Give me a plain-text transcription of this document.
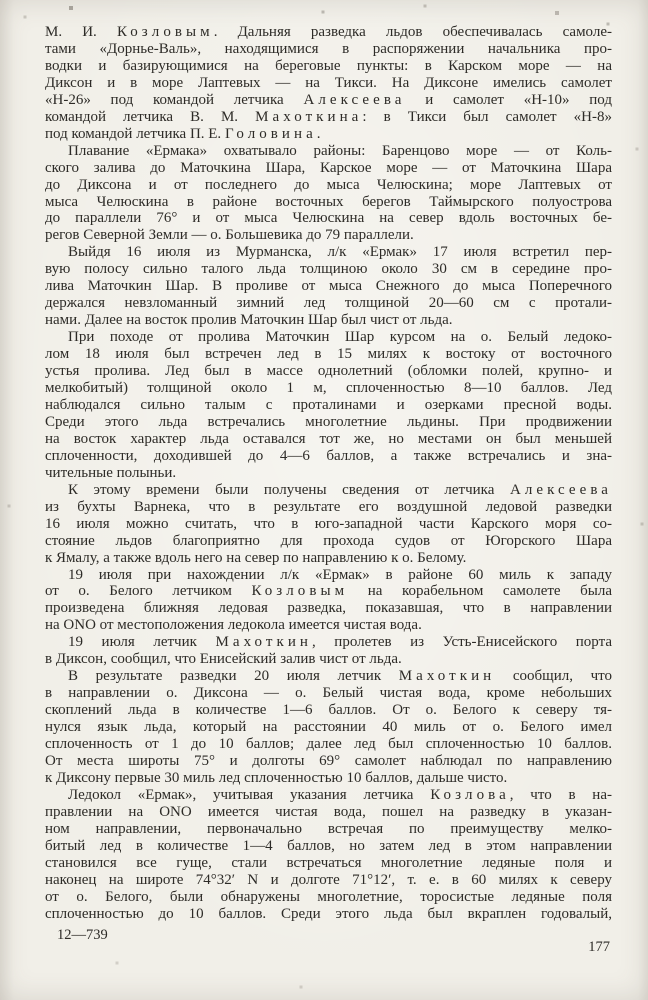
М. И. Козловым. Дальняя разведка льдов обеспечивалась самоле-
тами «Дорнье-Валь», находящимися в распоряжении начальника про-
водки и базирующимися на береговые пункты: в Карском море — на
Диксон и в море Лаптевых — на Тикси. На Диксоне имелись самолет
«Н-26» под командой летчика Алексеева и самолет «Н-10» под
командой летчика В. М. Махоткина: в Тикси был самолет «Н-8»
под командой летчика П. Е. Головина.
Плавание «Ермака» охватывало районы: Баренцово море — от Коль-
ского залива до Маточкина Шара, Карское море — от Маточкина Шара
до Диксона и от последнего до мыса Челюскина; море Лаптевых от
мыса Челюскина в районе восточных берегов Таймырского полуострова
до параллели 76° и от мыса Челюскина на север вдоль восточных бе-
регов Северной Земли — о. Большевика до 79 параллели.
Выйдя 16 июля из Мурманска, л/к «Ермак» 17 июля встретил пер-
вую полосу сильно талого льда толщиною около 30 см в середине про-
лива Маточкин Шар. В проливе от мыса Снежного до мыса Поперечного
держался невзломанный зимний лед толщиной 20—60 см с протали-
нами. Далее на восток пролив Маточкин Шар был чист от льда.
При походе от пролива Маточкин Шар курсом на о. Белый ледоко-
лом 18 июля был встречен лед в 15 милях к востоку от восточного
устья пролива. Лед был в массе однолетний (обломки полей, крупно- и
мелкобитый) толщиной около 1 м, сплоченностью 8—10 баллов. Лед
наблюдался сильно талым с проталинами и озерками пресной воды.
Среди этого льда встречались многолетние льдины. При продвижении
на восток характер льда оставался тот же, но местами он был меньшей
сплоченности, доходившей до 4—6 баллов, а также встречались и зна-
чительные полыньи.
К этому времени были получены сведения от летчика Алексеева
из бухты Варнека, что в результате его воздушной ледовой разведки
16 июля можно считать, что в юго-западной части Карского моря со-
стояние льдов благоприятно для прохода судов от Югорского Шара
к Ямалу, а также вдоль него на север по направлению к о. Белому.
19 июля при нахождении л/к «Ермак» в районе 60 миль к западу
от о. Белого летчиком Козловым на корабельном самолете была
произведена ближняя ледовая разведка, показавшая, что в направлении
на ONO от местоположения ледокола имеется чистая вода.
19 июля летчик Махоткин, пролетев из Усть-Енисейского порта
в Диксон, сообщил, что Енисейский залив чист от льда.
В результате разведки 20 июля летчик Махоткин сообщил, что
в направлении о. Диксона — о. Белый чистая вода, кроме небольших
скоплений льда в количестве 1—6 баллов. От о. Белого к северу тя-
нулся язык льда, который на расстоянии 40 миль от о. Белого имел
сплоченность от 1 до 10 баллов; далее лед был сплоченностью 10 баллов.
От места широты 75° и долготы 69° самолет наблюдал по направлению
к Диксону первые 30 миль лед сплоченностью 10 баллов, дальше чисто.
Ледокол «Ермак», учитывая указания летчика Козлова, что в на-
правлении на ONO имеется чистая вода, пошел на разведку в указан-
ном направлении, первоначально встречая по преимуществу мелко-
битый лед в количестве 1—4 баллов, но затем лед в этом направлении
становился все гуще, стали встречаться многолетние ледяные поля и
наконец на широте 74°32′ N и долготе 71°12′, т. е. в 60 милях к северу
от о. Белого, были обнаружены многолетние, торосистые ледяные поля
сплоченностью до 10 баллов. Среди этого льда был вкраплен годовалый,
12—739
177
